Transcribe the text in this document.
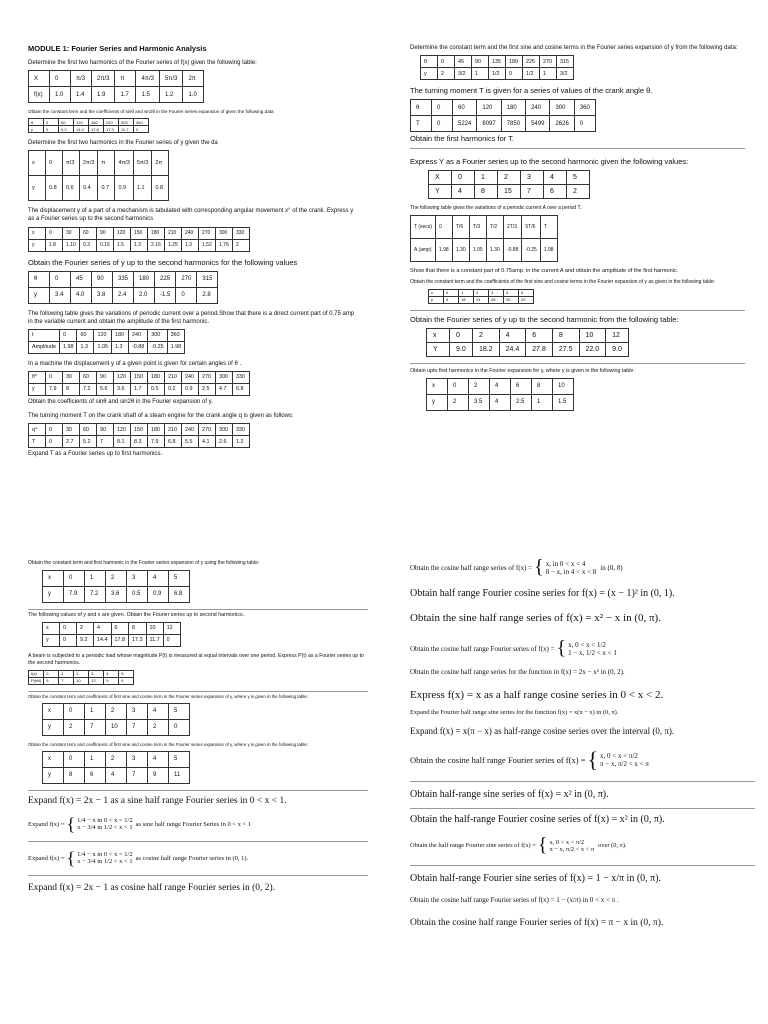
MODULE 1: Fourier Series and Harmonic Analysis

Determine the first two harmonics of the Fourier series of f(x) given the following table:

X	0	π/3	2π/3	π	4π/3	5π/3	2π
f(x)	1.0	1.4	1.9	1.7	1.5	1.2	1.0

Obtain the constant term and the coefficients of sinθ and sin2θ in the Fourier series expansion of given the following data

θ	0	60	120	180	240	300	360
y	0	9.2	14.4	17.8	17.3	11.7	0

Determine the first two harmonics in the Fourier series of y given the da

x	0	π/3	2π/3	π	4π/3	5π/3	2π
y	0.8	0.6	0.4	0.7	0.9	1.1	0.8

The displacement y of a part of a mechanism is tabulated with corresponding angular movement x° of the crank. Express y as a Fourier series up to the second harmonics

x	0	30	60	90	120	150	180	210	240	270	300	330
y	1.8	1.10	0.3	0.16	1.5	1.3	2.16	1.25	1.3	1.52	1.76	2

Obtain the Fourier series of y up to the second harmonics for the following values

θ	0	45	90	335	180	225	270	315
y	3.4	4.0	3.8	2.4	2.0	-1.5	0	2.8

The following table gives the variations of periodic current over a period.Show that there is a direct current part of 0.75 amp in the variable current and obtain the amplitude of the first harmonic.

t	0	60	120	180	240	300	360
Amplitude	1.98	1.3	1.05	1.3	-0.88	-0.25	1.98

In a machine the displacement y of a given point is given for certain angles of θ .

θ°	0	30	60	90	120	150	180	210	240	270	300	330
y	7.9	8	7.2	5.6	3.6	1.7	0.5	0.2	0.9	2.5	4.7	6.8

Obtain the coefficients of sinθ and sin2θ in the Fourier expansion of y.

The turning moment T on the crank shaft of a steam engine for the crank angle q is given as follows:

q°	0	30	60	90	120	150	180	210	240	270	300	330
T	0	2.7	5.2	7	8.1	8.3	7.9	6.8	5.5	4.1	2.6	1.2

Expand T as a Fourier series up to first harmonics.

Determine the constant term and the first sine and cosine terms in the Fourier series expansion of y from the following data:

θ	0	45	90	135	180	225	270	315
y	2	3/2	1	1/2	0	1/2	1	3/2

The turning moment T is given for a series of values of the crank angle θ.

θ	0	60	120	180	240	300	360
T	0	5224	8097	7850	5499	2626	0

Obtain the first harmonics for T.

Express Y as a Fourier series up to the second harmonic given the following values:

X	0	1	2	3	4	5
Y	4	8	15	7	6	2

The following table gives the variations of a periodic current A over a period T.

T (secs)	0	T/6	T/3	T/2	2T/3	5T/6	T
A (amp)	1.98	1.30	1.05	1.30	-0.88	-0.25	1.98

Show that there is a constant part of 0.75amp. in the current A and obtain the amplitude of the first harmonic.

Obtain the constant term and the coefficients of the first sine and cosine terms in the Fourier expansion of y as given in the following table:

x	0	1	2	3	4	5
y	9	18	24	28	26	20

Obtain the Fourier series of y up to the second harmonic from the following table:

x	0	2	4	6	8	10	12
Y	9.0	18.2	24.4	27.8	27.5	22.0	9.0

Obtain upto first harmonics in the Fourier expansion for y, where y is given in the following table:

x	0	2	4	6	8	10
y	2	3.5	4	2.5	1	1.5

Obtain the constant term and first harmonic in the Fourier series expansion of y using the following table:

x	0	1	2	3	4	5
y	7.9	7.2	3.6	0.5	0.9	6.8

The following values of y and x are given. Obtain the Fourier series up to second harmonics.

x	0	2	4	6	8	10	12
y	0	9.2	14.4	17.8	17.3	11.7	0

A beam is subjected to a periodic load whose magnitude P(t) is measured at equal intervals over one period. Express P(t) as a Fourier series up to the second harmonics.

t(s)	0	1	2	3	4	5
P(kN)	5	7	10	12	9	6

Obtain the constant term and coefficients of first sine and cosine term in the Fourier series expansion of y, where y is given in the following table:

x	0	1	2	3	4	5
y	2	7	10	7	2	0

Obtain the constant term and coefficients of first sine and cosine term in the Fourier series expansion of y, where y is given in the following table:

x	0	1	2	3	4	5
y	8	6	4	7	9	11

Expand f(x) = 2x − 1 as a sine half range Fourier series in 0 < x < 1.

Expand f(x) = { 1/4 − x in 0 < x < 1/2
x − 3/4 in 1/2 < x < 1 as sine half range Fourier Series in 0 < x < 1
Expand f(x) = { 1/4 − x in 0 < x < 1/2
x − 3/4 in 1/2 < x < 1 as cosine half range Fourier series in (0, 1).

Expand f(x) = 2x − 1 as cosine half range Fourier series in (0, 2).

Obtain the cosine half range series of f(x) = { x, in 0 < x < 4
8 − x, in 4 < x < 8 in (0, 8)

Obtain half range Fourier cosine series for f(x) = (x − 1)² in (0, 1).

Obtain the sine half range series of f(x) = x² − x in (0, π).

Obtain the cosine half range Fourier series of f(x) = { x, 0 < x < 1/2
1 − x, 1/2 < x < 1

Obtain the cosine half range series for the function in f(x) = 2x − x² in (0, 2).

Express f(x) = x as a half range cosine series in 0 < x < 2.

Expand the Fourier half range sine series for the function f(x) = x(π − x) in (0, π).

Expand f(x) = x(π − x) as half-range cosine series over the interval (0, π).

Obtain the cosine half range Fourier series of f(x) = { x, 0 < x < π/2
π − x, π/2 < x < π

Obtain half-range sine series of f(x) = x² in (0, π).

Obtain the half-range Fourier cosine series of f(x) = x² in (0, π).

Obtain the half range Fourier sine series of f(x) = { x, 0 < x < π/2
π − x, π/2 < x < π over (0, π).

Obtain half-range Fourier sine series of f(x) = 1 − x/π in (0, π).

Obtain the cosine half range Fourier series of f(x) = 1 − (x/π) in 0 < x < π .

Obtain the cosine half range Fourier series of f(x) = π − x in (0, π).
